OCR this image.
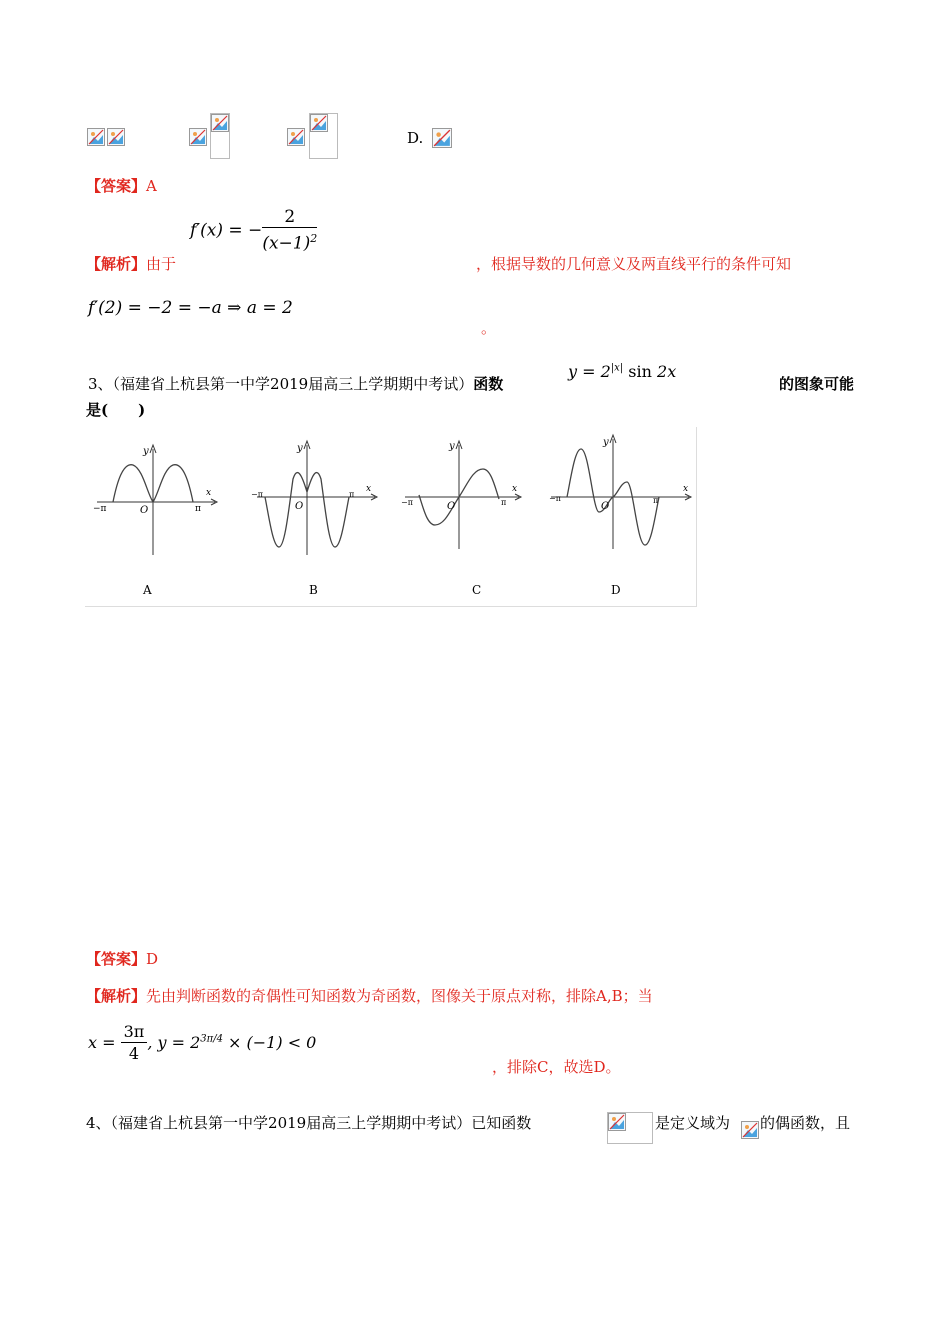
D.
【答案】A
f′(x) = − $\frac{2}{(x-1)^2}$
【解析】由于	，根据导数的几何意义及两直线平行的条件可知
f′(2) = −2 = −a ⇒ a = 2
。
3、（福建省上杭县第一中学2019届高三上学期期中考试）函数
$y = 2^{|x|}$ sin 2x
的图象可能
是(　　)
−π	π
O
y
x
A
−π	π
O
y
x
B
−π	π
O
y
x
C
−π	π
O
y
x
D
【答案】D
【解析】先由判断函数的奇偶性可知函数为奇函数，图像关于原点对称，排除A,B；当
$x = \frac{3\pi}{4}$ , $y = 2^{3\pi/4} \times (-1) < 0$
，排除C，故选D。
4、（福建省上杭县第一中学2019届高三上学期期中考试）已知函数	是定义域为 的偶函数，且
